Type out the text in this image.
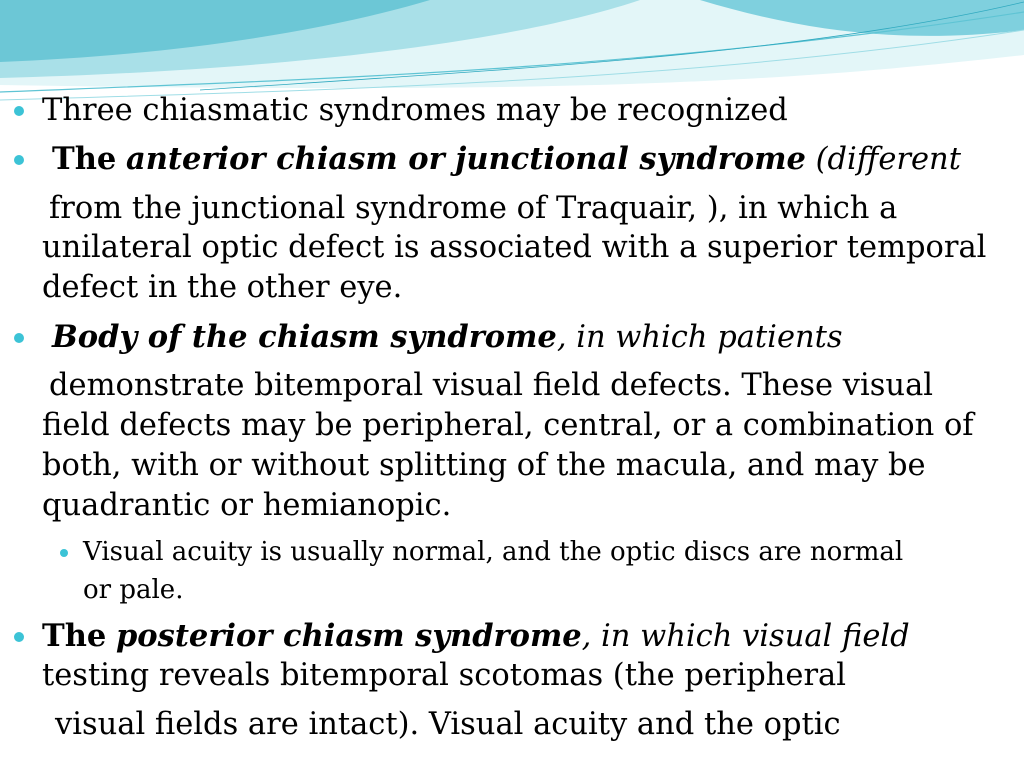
Three chiasmatic syndromes may be recognized
The anterior chiasm or junctional syndrome (different
from the junctional syndrome of Traquair, ), in which a
unilateral optic defect is associated with a superior temporal
defect in the other eye.
Body of the chiasm syndrome, in which patients
demonstrate bitemporal visual field defects. These visual
field defects may be peripheral, central, or a combination of
both, with or without splitting of the macula, and may be
quadrantic or hemianopic.
Visual acuity is usually normal, and the optic discs are normal
or pale.
The posterior chiasm syndrome, in which visual field
testing reveals bitemporal scotomas (the peripheral
visual fields are intact). Visual acuity and the optic
